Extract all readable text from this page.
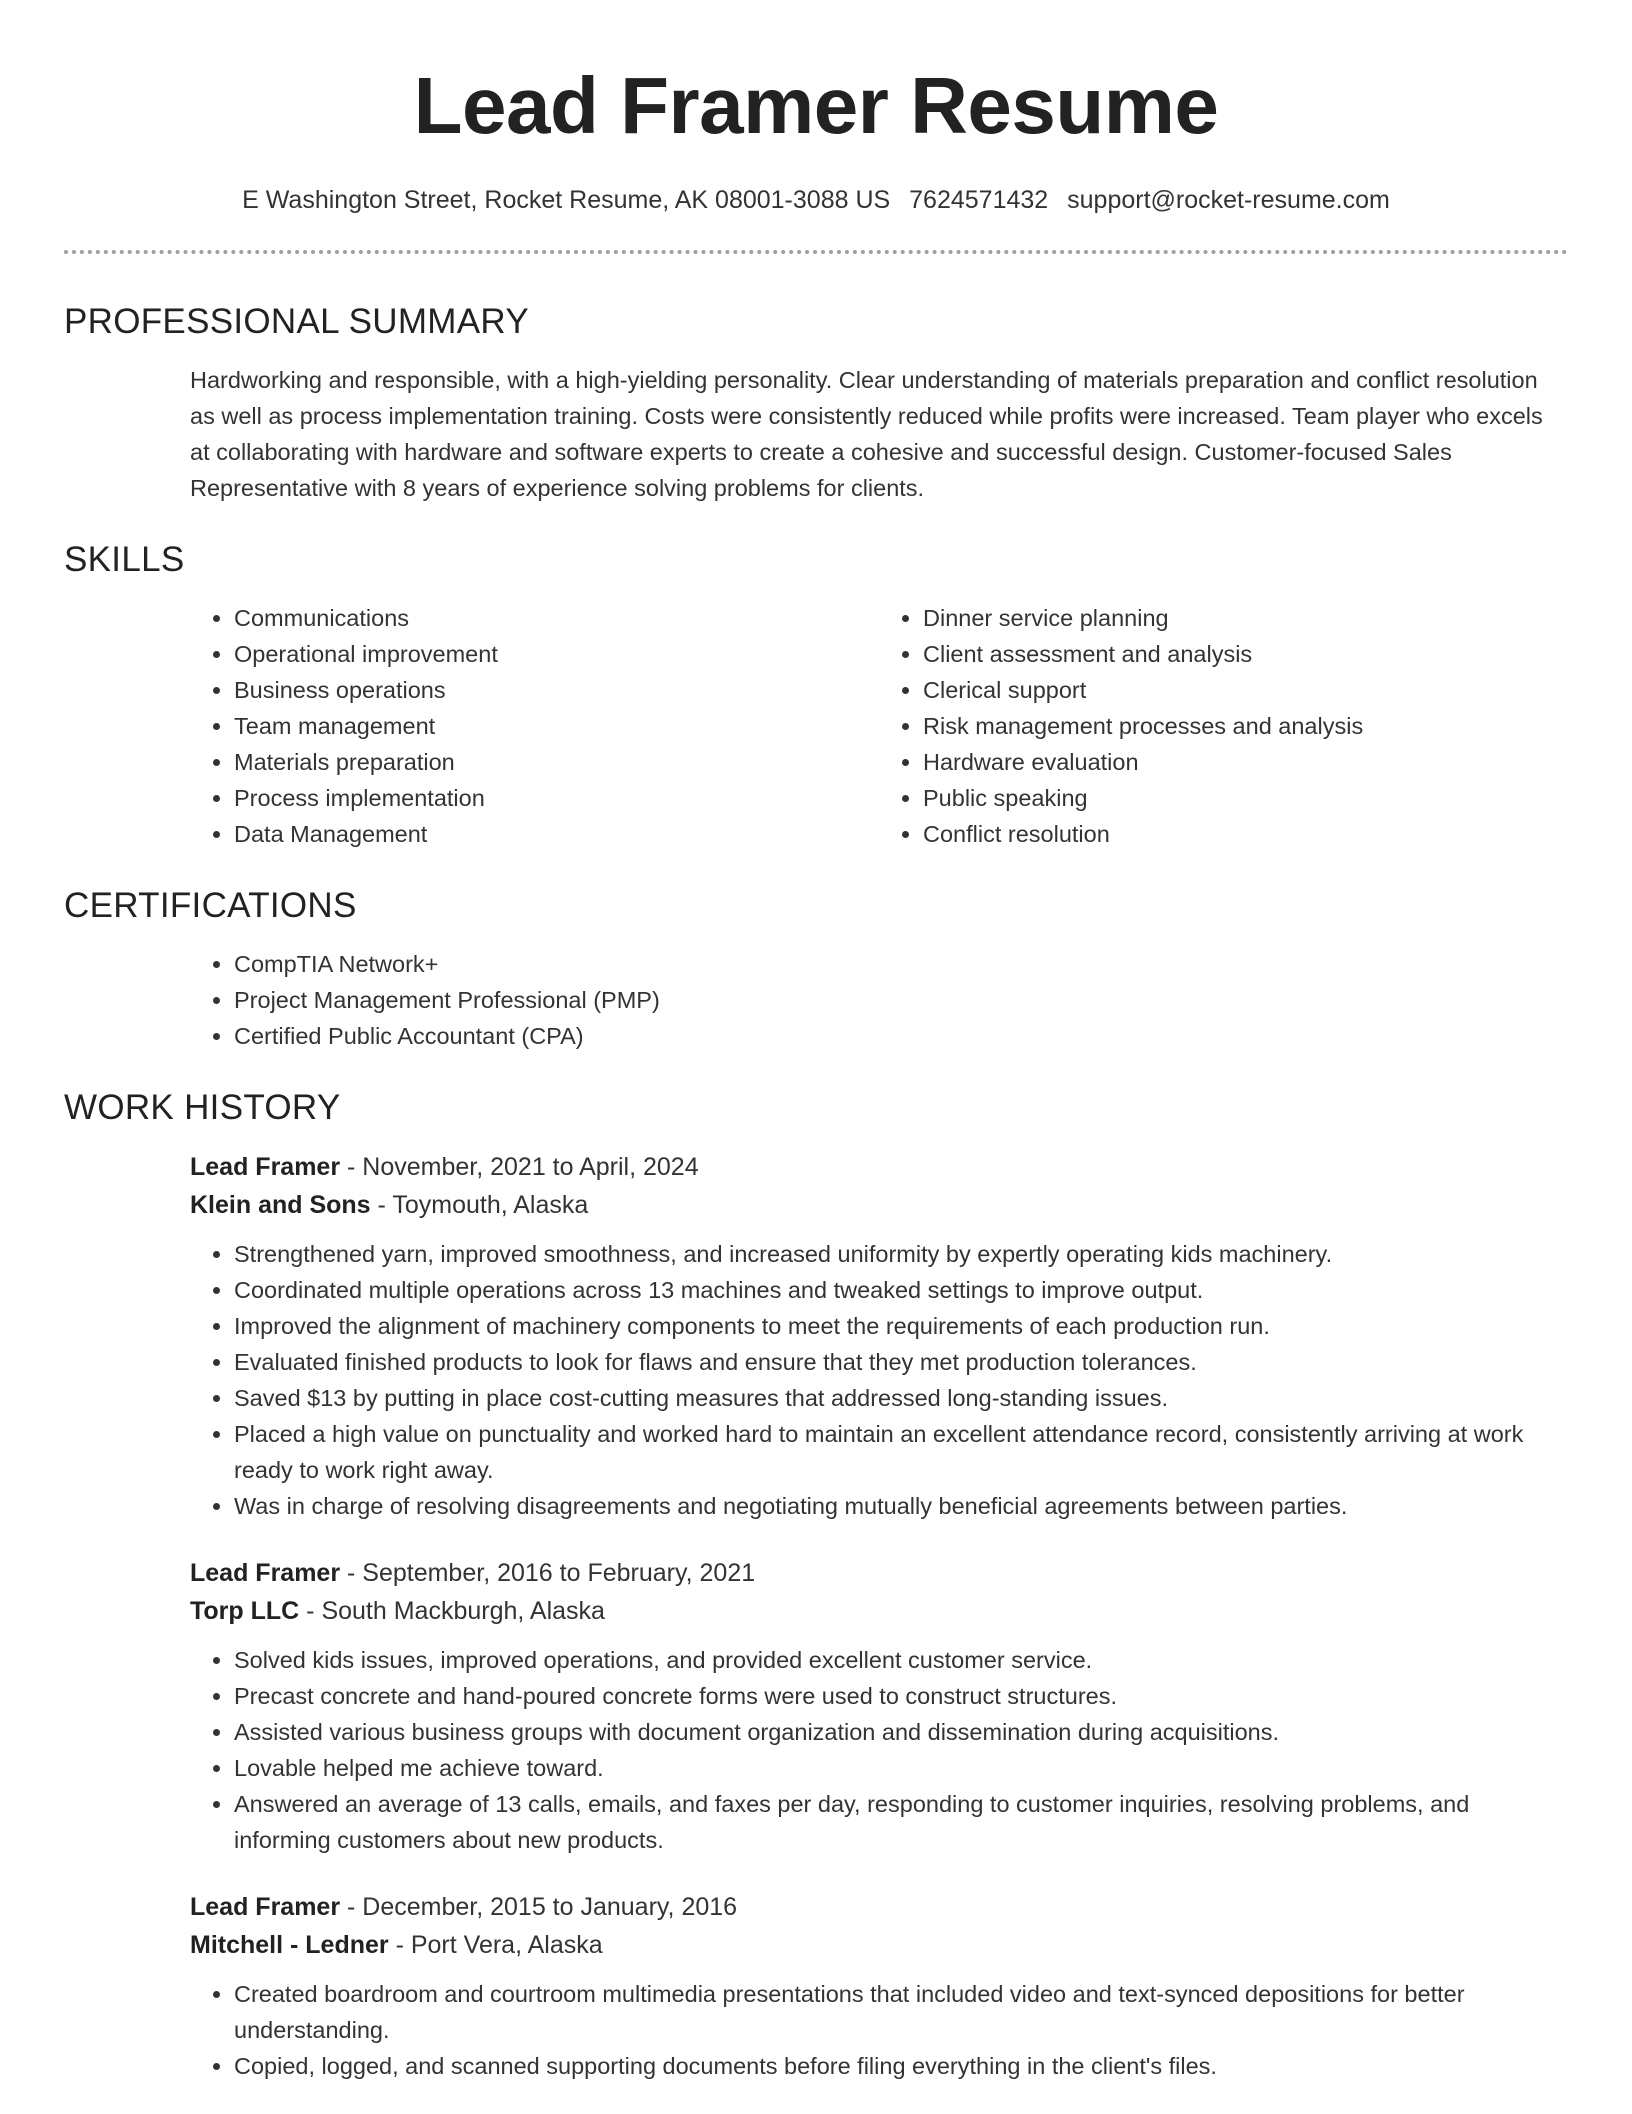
Lead Framer Resume
E Washington Street, Rocket Resume, AK 08001-3088 US 7624571432 support@rocket-resume.com
PROFESSIONAL SUMMARY

Hardworking and responsible, with a high-yielding personality. Clear understanding of materials preparation and conflict resolution as well as process implementation training. Costs were consistently reduced while profits were increased. Team player who excels at collaborating with hardware and software experts to create a cohesive and successful design. Customer-focused Sales Representative with 8 years of experience solving problems for clients.

SKILLS
• Communications
• Operational improvement
• Business operations
• Team management
• Materials preparation
• Process implementation
• Data Management
• Dinner service planning
• Client assessment and analysis
• Clerical support
• Risk management processes and analysis
• Hardware evaluation
• Public speaking
• Conflict resolution
CERTIFICATIONS
• CompTIA Network+
• Project Management Professional (PMP)
• Certified Public Accountant (CPA)
WORK HISTORY
Lead Framer - November, 2021 to April, 2024
Klein and Sons - Toymouth, Alaska
• Strengthened yarn, improved smoothness, and increased uniformity by expertly operating kids machinery.
• Coordinated multiple operations across 13 machines and tweaked settings to improve output.
• Improved the alignment of machinery components to meet the requirements of each production run.
• Evaluated finished products to look for flaws and ensure that they met production tolerances.
• Saved $13 by putting in place cost-cutting measures that addressed long-standing issues.
• Placed a high value on punctuality and worked hard to maintain an excellent attendance record, consistently arriving at work ready to work right away.
• Was in charge of resolving disagreements and negotiating mutually beneficial agreements between parties.
Lead Framer - September, 2016 to February, 2021
Torp LLC - South Mackburgh, Alaska
• Solved kids issues, improved operations, and provided excellent customer service.
• Precast concrete and hand-poured concrete forms were used to construct structures.
• Assisted various business groups with document organization and dissemination during acquisitions.
• Lovable helped me achieve toward.
• Answered an average of 13 calls, emails, and faxes per day, responding to customer inquiries, resolving problems, and informing customers about new products.
Lead Framer - December, 2015 to January, 2016
Mitchell - Ledner - Port Vera, Alaska
• Created boardroom and courtroom multimedia presentations that included video and text-synced depositions for better understanding.
• Copied, logged, and scanned supporting documents before filing everything in the client's files.
